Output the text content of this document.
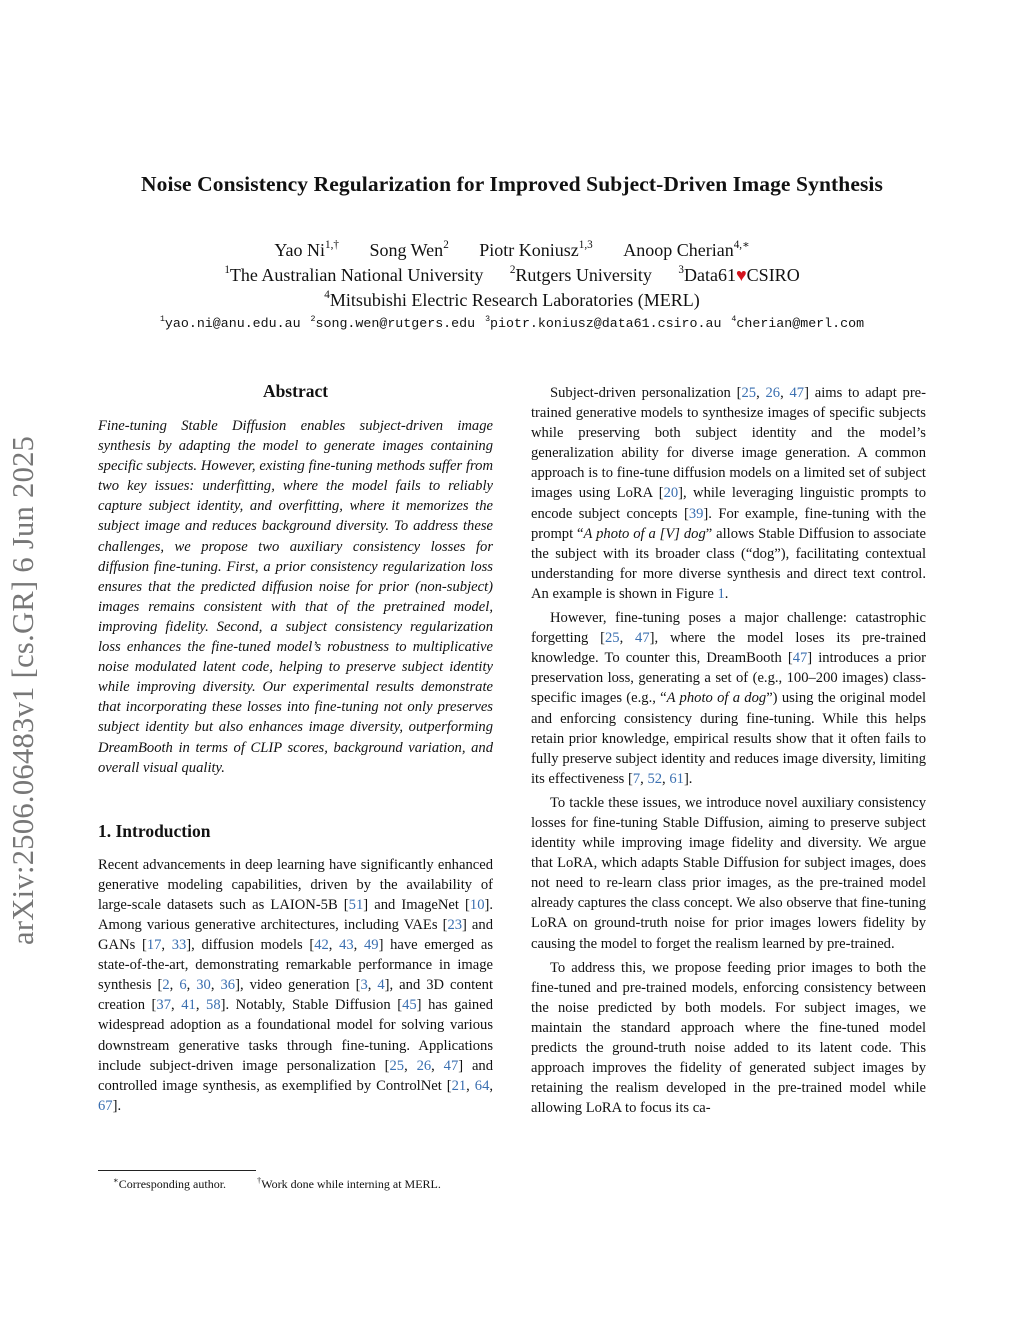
arXiv:2506.06483v1 [cs.GR] 6 Jun 2025
Noise Consistency Regularization for Improved Subject-Driven Image Synthesis
Yao $Ni^{1,\dagger}$ Song Wen$^2$ Piotr Koniusz$^{1,3}$ Anoop Cherian$^{4,∗}$
$^1$The Australian National University $^2$Rutgers University $^3$Data61♥CSIRO
$^4$Mitsubishi Electric Research Laboratories (MERL)
$^1$yao.ni@anu.edu.au $^2$song.wen@rutgers.edu $^3$piotr.koniusz@data61.csiro.au $^4$cherian@merl.com
Abstract

Fine-tuning Stable Diffusion enables subject-driven image synthesis by adapting the model to generate images containing specific subjects. However, existing fine-tuning methods suffer from two key issues: underfitting, where the model fails to reliably capture subject identity, and overfitting, where it memorizes the subject image and reduces background diversity. To address these challenges, we propose two auxiliary consistency losses for diffusion fine-tuning. First, a prior consistency regularization loss ensures that the predicted diffusion noise for prior (non-subject) images remains consistent with that of the pretrained model, improving fidelity. Second, a subject consistency regularization loss enhances the fine-tuned model’s robustness to multiplicative noise modulated latent code, helping to preserve subject identity while improving diversity. Our experimental results demonstrate that incorporating these losses into fine-tuning not only preserves subject identity but also enhances image diversity, outperforming DreamBooth in terms of CLIP scores, background variation, and overall visual quality.

1. Introduction

Recent advancements in deep learning have significantly enhanced generative modeling capabilities, driven by the availability of large-scale datasets such as LAION-5B [51] and ImageNet [10]. Among various generative architectures, including VAEs [23] and GANs [17, 33], diffusion models [42, 43, 49] have emerged as state-of-the-art, demonstrating remarkable performance in image synthesis [2, 6, 30, 36], video generation [3, 4], and 3D content creation [37, 41, 58]. Notably, Stable Diffusion [45] has gained widespread adoption as a foundational model for solving various downstream generative tasks through fine-tuning. Applications include subject-driven image personalization [25, 26, 47] and controlled image synthesis, as exemplified by ControlNet [21, 64, 67].

Subject-driven personalization [25, 26, 47] aims to adapt pre-trained generative models to synthesize images of specific subjects while preserving both subject identity and the model’s generalization ability for diverse image generation. A common approach is to fine-tune diffusion models on a limited set of subject images using LoRA [20], while leveraging linguistic prompts to encode subject concepts [39]. For example, fine-tuning with the prompt “A photo of a [V] dog” allows Stable Diffusion to associate the subject with its broader class (“dog”), facilitating contextual understanding for more diverse synthesis and direct text control. An example is shown in Figure 1.

However, fine-tuning poses a major challenge: catastrophic forgetting [25, 47], where the model loses its pre-trained knowledge. To counter this, DreamBooth [47] introduces a prior preservation loss, generating a set of (e.g., 100–200 images) class-specific images (e.g., “A photo of a dog”) using the original model and enforcing consistency during fine-tuning. While this helps retain prior knowledge, empirical results show that it often fails to fully preserve subject identity and reduces image diversity, limiting its effectiveness [7, 52, 61].

To tackle these issues, we introduce novel auxiliary consistency losses for fine-tuning Stable Diffusion, aiming to preserve subject identity while improving image fidelity and diversity. We argue that LoRA, which adapts Stable Diffusion for subject images, does not need to re-learn class prior images, as the pre-trained model already captures the class concept. We also observe that fine-tuning LoRA on ground-truth noise for prior images lowers fidelity by causing the model to forget the realism learned by pre-trained.

To address this, we propose feeding prior images to both the fine-tuned and pre-trained models, enforcing consistency between the noise predicted by both models. For subject images, we maintain the standard approach where the fine-tuned model predicts the ground-truth noise added to its latent code. This approach improves the fidelity of generated subject images by retaining the realism developed in the pre-trained model while allowing LoRA to focus its ca-

∗Corresponding author.	†Work done while interning at MERL.
